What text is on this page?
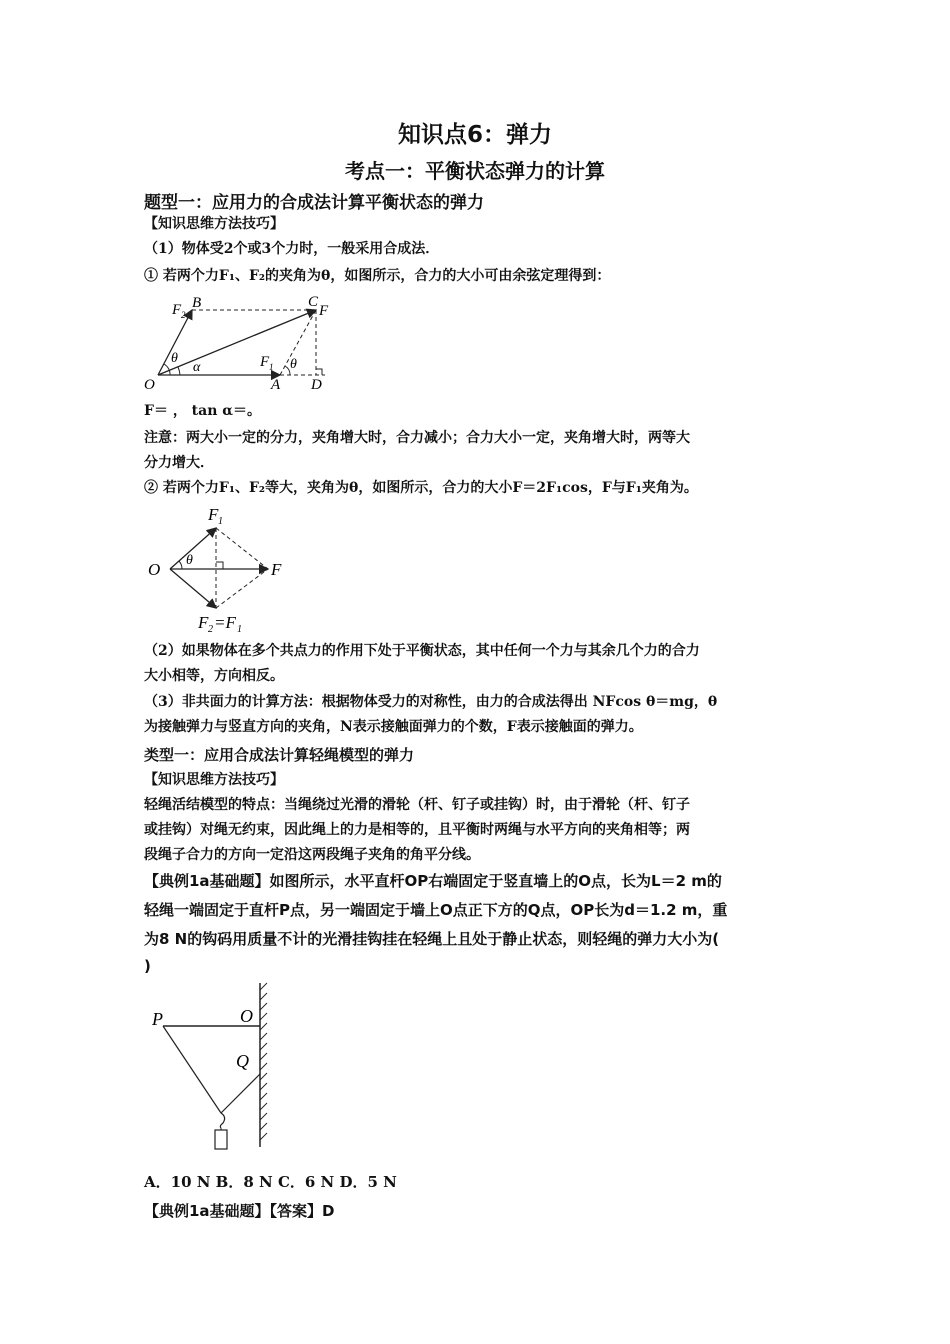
知识点6：弹力
考点一：平衡状态弹力的计算
题型一：应用力的合成法计算平衡状态的弹力
【知识思维方法技巧】
（1）物体受2个或3个力时，一般采用合成法．
① 若两个力F₁、F₂的夹角为θ，如图所示，合力的大小可由余弦定理得到：
O	A
B	C
D
F
F 1
F 2
θ	θ
α
F＝ ， tan α＝。
注意：两大小一定的分力，夹角增大时，合力减小；合力大小一定，夹角增大时，两等大
分力增大．
② 若两个力F₁、F₂等大，夹角为θ，如图所示，合力的大小F＝2F₁cos，F与F₁夹角为。
O	F
F 1
θ
F 2 =F 1
（2）如果物体在多个共点力的作用下处于平衡状态，其中任何一个力与其余几个力的合力
大小相等，方向相反。
（3）非共面力的计算方法：根据物体受力的对称性，由力的合成法得出 NFcos θ＝mg，θ
为接触弹力与竖直方向的夹角，N表示接触面弹力的个数，F表示接触面的弹力。
类型一：应用合成法计算轻绳模型的弹力
【知识思维方法技巧】
轻绳活结模型的特点：当绳绕过光滑的滑轮（杆、钉子或挂钩）时，由于滑轮（杆、钉子
或挂钩）对绳无约束，因此绳上的力是相等的，且平衡时两绳与水平方向的夹角相等；两
段绳子合力的方向一定沿这两段绳子夹角的角平分线。
【典例1a基础题】如图所示，水平直杆OP右端固定于竖直墙上的O点，长为L＝2 m的
轻绳一端固定于直杆P点，另一端固定于墙上O点正下方的Q点，OP长为d＝1.2 m，重
为8 N的钩码用质量不计的光滑挂钩挂在轻绳上且处于静止状态，则轻绳的弹力大小为(
)
P	O
Q
A．10 N B．8 N C．6 N D．5 N
【典例1a基础题】【答案】D
